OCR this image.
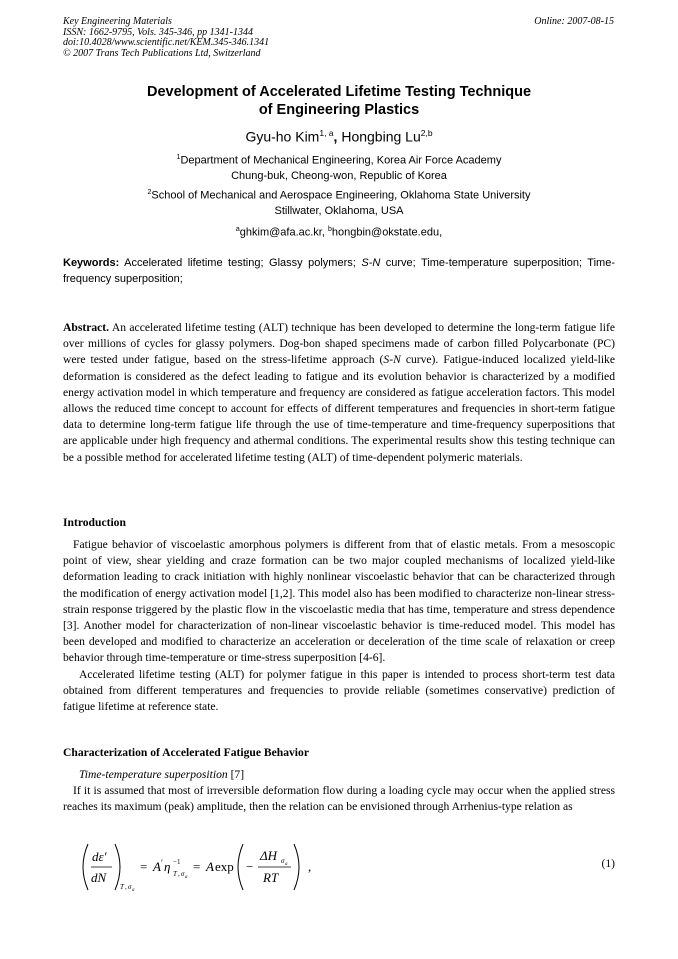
Key Engineering Materials
ISSN: 1662-9795, Vols. 345-346, pp 1341-1344
doi:10.4028/www.scientific.net/KEM.345-346.1341
© 2007 Trans Tech Publications Ltd, Switzerland
Online: 2007-08-15
Development of Accelerated Lifetime Testing Technique
of Engineering Plastics
Gyu-ho Kim$^{1, a}$, Hongbing Lu$^{2,b}$
$^1$Department of Mechanical Engineering, Korea Air Force Academy
Chung-buk, Cheong-won, Republic of Korea
$^2$School of Mechanical and Aerospace Engineering, Oklahoma State University
Stillwater, Oklahoma, USA
$^a$ghkim@afa.ac.kr, $^b$hongbin@okstate.edu,
Keywords: Accelerated lifetime testing; Glassy polymers; S-N curve; Time-temperature superposition; Time-frequency superposition;
Abstract. An accelerated lifetime testing (ALT) technique has been developed to determine the long-term fatigue life over millions of cycles for glassy polymers. Dog-bon shaped specimens made of carbon filled Polycarbonate (PC) were tested under fatigue, based on the stress-lifetime approach (S-N curve). Fatigue-induced localized yield-like deformation is considered as the defect leading to fatigue and its evolution behavior is characterized by a modified energy activation model in which temperature and frequency are considered as fatigue acceleration factors. This model allows the reduced time concept to account for effects of different temperatures and frequencies in short-term fatigue data to determine long-term fatigue life through the use of time-temperature and time-frequency superpositions that are applicable under high frequency and athermal conditions. The experimental results show this testing technique can be a possible method for accelerated lifetime testing (ALT) of time-dependent polymeric materials.
Introduction

Fatigue behavior of viscoelastic amorphous polymers is different from that of elastic metals. From a mesoscopic point of view, shear yielding and craze formation can be two major coupled mechanisms of localized yield-like deformation leading to crack initiation with highly nonlinear viscoelastic behavior that can be characterized through the modification of energy activation model [1,2]. This model also has been modified to characterize non-linear stress-strain response triggered by the plastic flow in the viscoelastic media that has time, temperature and stress dependence [3]. Another model for characterization of non-linear viscoelastic behavior is time-reduced model. This model has been developed and modified to characterize an acceleration or deceleration of the time scale of relaxation or creep behavior through time-temperature or time-stress superposition [4-6].

Accelerated lifetime testing (ALT) for polymer fatigue in this paper is intended to process short-term test data obtained from different temperatures and frequencies to provide reliable (sometimes conservative) prediction of fatigue lifetime at reference state.

Characterization of Accelerated Fatigue Behavior

Time-temperature superposition [7]

If it is assumed that most of irreversible deformation flow during a loading cycle may occur when the applied stress reaches its maximum (peak) amplitude, then the relation can be envisioned through Arrhenius-type relation as

dε′
dN
T , σ a
= A ′ η −1
T , σ a
= A exp −
ΔH σ a
RT
,	(1)
